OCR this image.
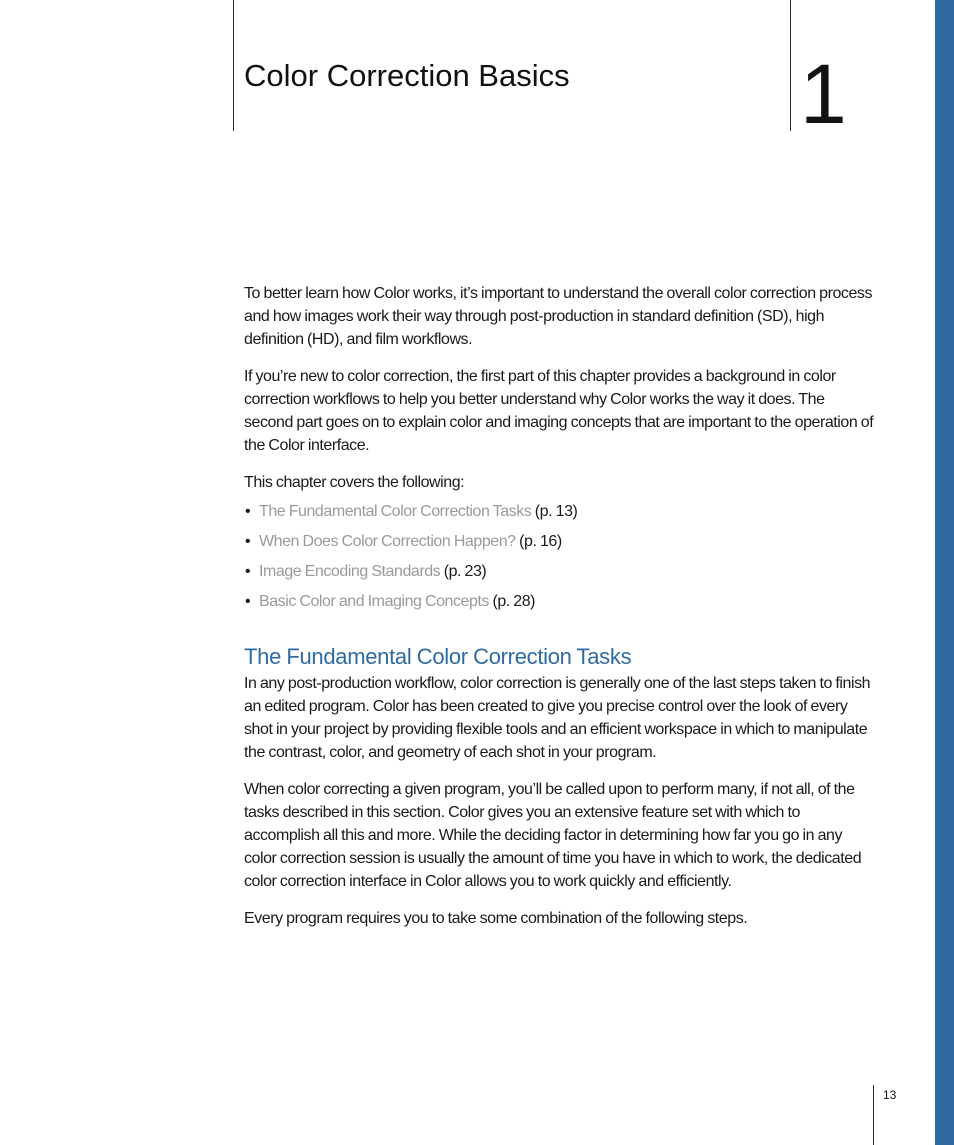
Color Correction Basics	1

To better learn how Color works, it’s important to understand the overall color correction process and how images work their way through post-production in standard definition (SD), high definition (HD), and film workflows.

If you’re new to color correction, the first part of this chapter provides a background in color correction workflows to help you better understand why Color works the way it does. The second part goes on to explain color and imaging concepts that are important to the operation of the Color interface.

This chapter covers the following:

• The Fundamental Color Correction Tasks (p. 13)
• When Does Color Correction Happen? (p. 16)
• Image Encoding Standards (p. 23)
• Basic Color and Imaging Concepts (p. 28)
The Fundamental Color Correction Tasks

In any post-production workflow, color correction is generally one of the last steps taken to finish an edited program. Color has been created to give you precise control over the look of every shot in your project by providing flexible tools and an efficient workspace in which to manipulate the contrast, color, and geometry of each shot in your program.

When color correcting a given program, you’ll be called upon to perform many, if not all, of the tasks described in this section. Color gives you an extensive feature set with which to accomplish all this and more. While the deciding factor in determining how far you go in any color correction session is usually the amount of time you have in which to work, the dedicated color correction interface in Color allows you to work quickly and efficiently.

Every program requires you to take some combination of the following steps.

13
